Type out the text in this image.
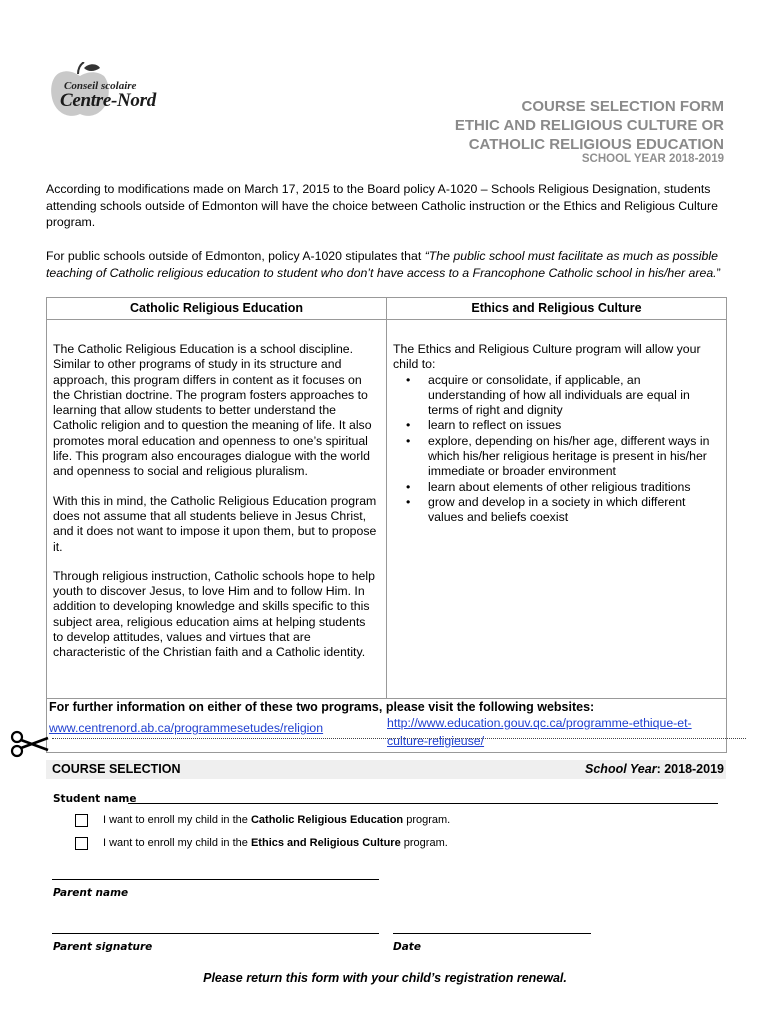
Conseil scolaire
Centre-Nord	COURSE SELECTION FORM
ETHIC AND RELIGIOUS CULTURE OR
CATHOLIC RELIGIOUS EDUCATION
SCHOOL YEAR 2018-2019

According to modifications made on March 17, 2015 to the Board policy A-1020 – Schools Religious Designation, students attending schools outside of Edmonton will have the choice between Catholic instruction or the Ethics and Religious Culture program.

For public schools outside of Edmonton, policy A-1020 stipulates that “The public school must facilitate as much as possible teaching of Catholic religious education to student who don’t have access to a Francophone Catholic school in his/her area.”

Catholic Religious Education	Ethics and Religious Culture

The Catholic Religious Education is a school discipline. Similar to other programs of study in its structure and approach, this program differs in content as it focuses on the Christian doctrine. The program fosters approaches to learning that allow students to better understand the Catholic religion and to question the meaning of life. It also promotes moral education and openness to one’s spiritual life. This program also encourages dialogue with the world and openness to social and religious pluralism.

With this in mind, the Catholic Religious Education program does not assume that all students believe in Jesus Christ, and it does not want to impose it upon them, but to propose it.

Through religious instruction, Catholic schools hope to help youth to discover Jesus, to love Him and to follow Him. In addition to developing knowledge and skills specific to this subject area, religious education aims at helping students to develop attitudes, values and virtues that are characteristic of the Christian faith and a Catholic identity.

The Ethics and Religious Culture program will allow your child to:
• acquire or consolidate, if applicable, an understanding of how all individuals are equal in terms of right and dignity
• learn to reflect on issues
• explore, depending on his/her age, different ways in which his/her religious heritage is present in his/her immediate or broader environment
• learn about elements of other religious traditions
• grow and develop in a society in which different values and beliefs coexist
For further information on either of these two programs, please visit the following websites:
www.centrenord.ab.ca/programmesetudes/religion	http://www.education.gouv.qc.ca/programme-ethique-et-culture-religieuse/
COURSE SELECTION	School Year: 2018-2019
Student name
I want to enroll my child in the Catholic Religious Education program.
I want to enroll my child in the Ethics and Religious Culture program.
Parent name
Parent signature	Date
Please return this form with your child’s registration renewal.
